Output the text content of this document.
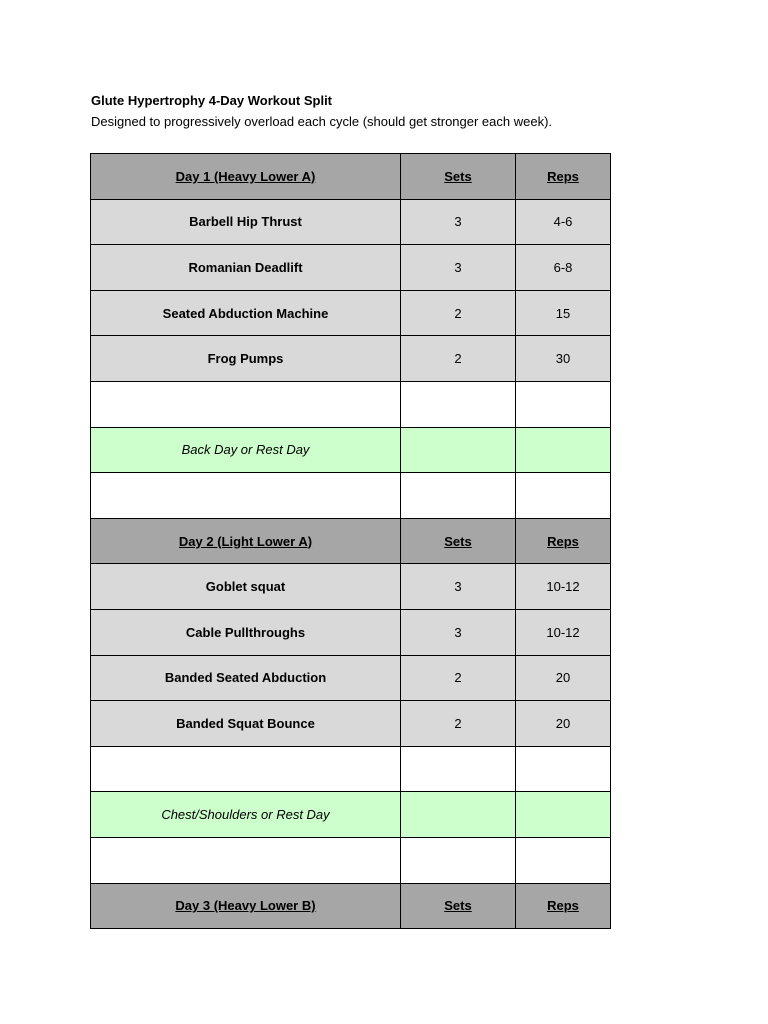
Glute Hypertrophy 4-Day Workout Split
Designed to progressively overload each cycle (should get stronger each week).
Day 1 (Heavy Lower A)	Sets	Reps
Barbell Hip Thrust	3	4-6
Romanian Deadlift	3	6-8
Seated Abduction Machine	2	15
Frog Pumps	2	30

Back Day or Rest Day		

Day 2 (Light Lower A)	Sets	Reps
Goblet squat	3	10-12
Cable Pullthroughs	3	10-12
Banded Seated Abduction	2	20
Banded Squat Bounce	2	20

Chest/Shoulders or Rest Day		

Day 3 (Heavy Lower B)	Sets	Reps
